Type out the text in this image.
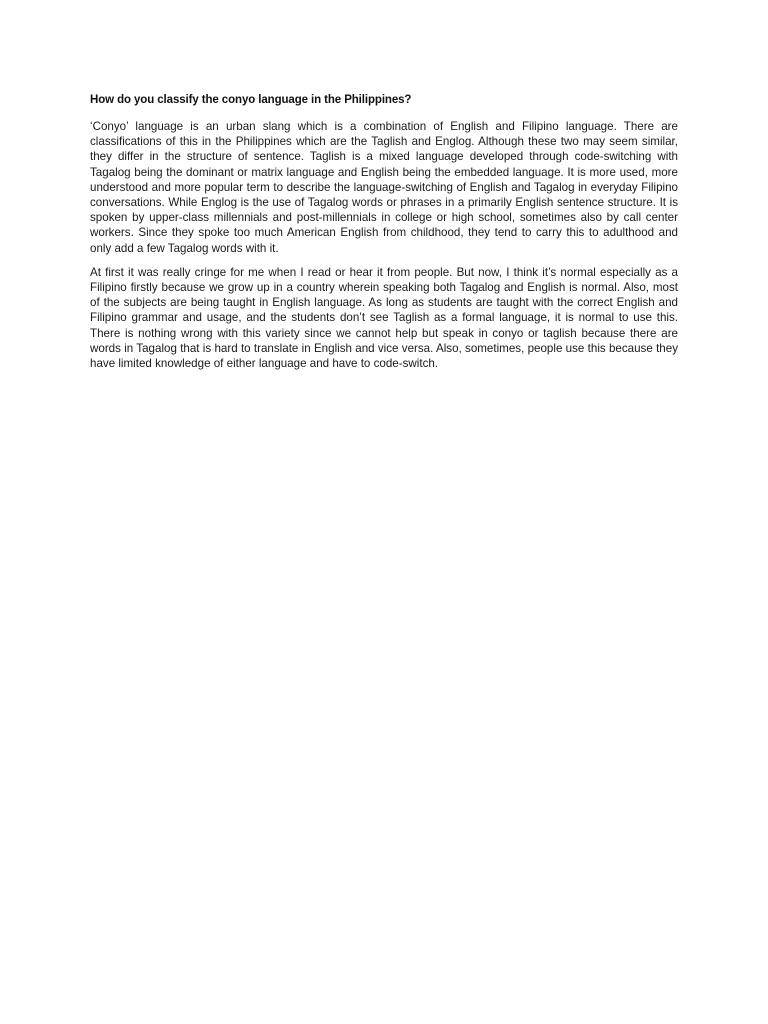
How do you classify the conyo language in the Philippines?

‘Conyo’ language is an urban slang which is a combination of English and Filipino language. There are classifications of this in the Philippines which are the Taglish and Englog. Although these two may seem similar, they differ in the structure of sentence. Taglish is a mixed language developed through code-switching with Tagalog being the dominant or matrix language and English being the embedded language. It is more used, more understood and more popular term to describe the language-switching of English and Tagalog in everyday Filipino conversations. While Englog is the use of Tagalog words or phrases in a primarily English sentence structure. It is spoken by upper-class millennials and post-millennials in college or high school, sometimes also by call center workers. Since they spoke too much American English from childhood, they tend to carry this to adulthood and only add a few Tagalog words with it.

At first it was really cringe for me when I read or hear it from people. But now, I think it’s normal especially as a Filipino firstly because we grow up in a country wherein speaking both Tagalog and English is normal. Also, most of the subjects are being taught in English language. As long as students are taught with the correct English and Filipino grammar and usage, and the students don’t see Taglish as a formal language, it is normal to use this. There is nothing wrong with this variety since we cannot help but speak in conyo or taglish because there are words in Tagalog that is hard to translate in English and vice versa. Also, sometimes, people use this because they have limited knowledge of either language and have to code-switch.
